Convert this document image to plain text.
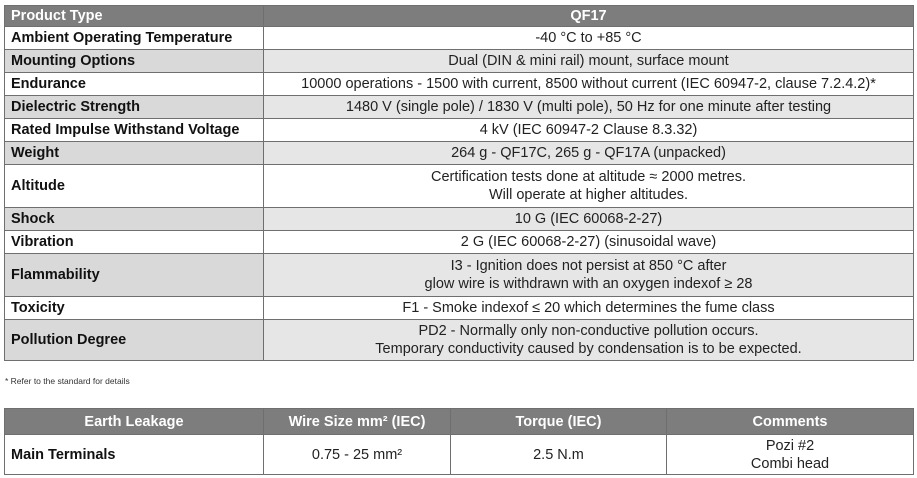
Product Type	QF17
Ambient Operating Temperature	-40 °C to +85 °C

Mounting Options	Dual (DIN & mini rail) mount, surface mount

Endurance	10000 operations - 1500 with current, 8500 without current (IEC 60947-2, clause 7.2.4.2)*

Dielectric Strength	1480 V (single pole) / 1830 V (multi pole), 50 Hz for one minute after testing

Rated Impulse Withstand Voltage	4 kV (IEC 60947-2 Clause 8.3.32)

Weight	264 g - QF17C, 265 g - QF17A (unpacked)

Altitude	Certification tests done at altitude ≈ 2000 metres.
Will operate at higher altitudes.

Shock	10 G (IEC 60068-2-27)

Vibration	2 G (IEC 60068-2-27) (sinusoidal wave)

Flammability	I3 - Ignition does not persist at 850 °C after
glow wire is withdrawn with an oxygen indexof ≥ 28

Toxicity	F1 - Smoke indexof ≤ 20 which determines the fume class

Pollution Degree	PD2 - Normally only non-conductive pollution occurs.
Temporary conductivity caused by condensation is to be expected.
* Refer to the standard for details
Earth Leakage	Wire Size mm² (IEC)	Torque (IEC)	Comments
Main Terminals	0.75 - 25 mm²	2.5 N.m	Pozi #2
Combi head
